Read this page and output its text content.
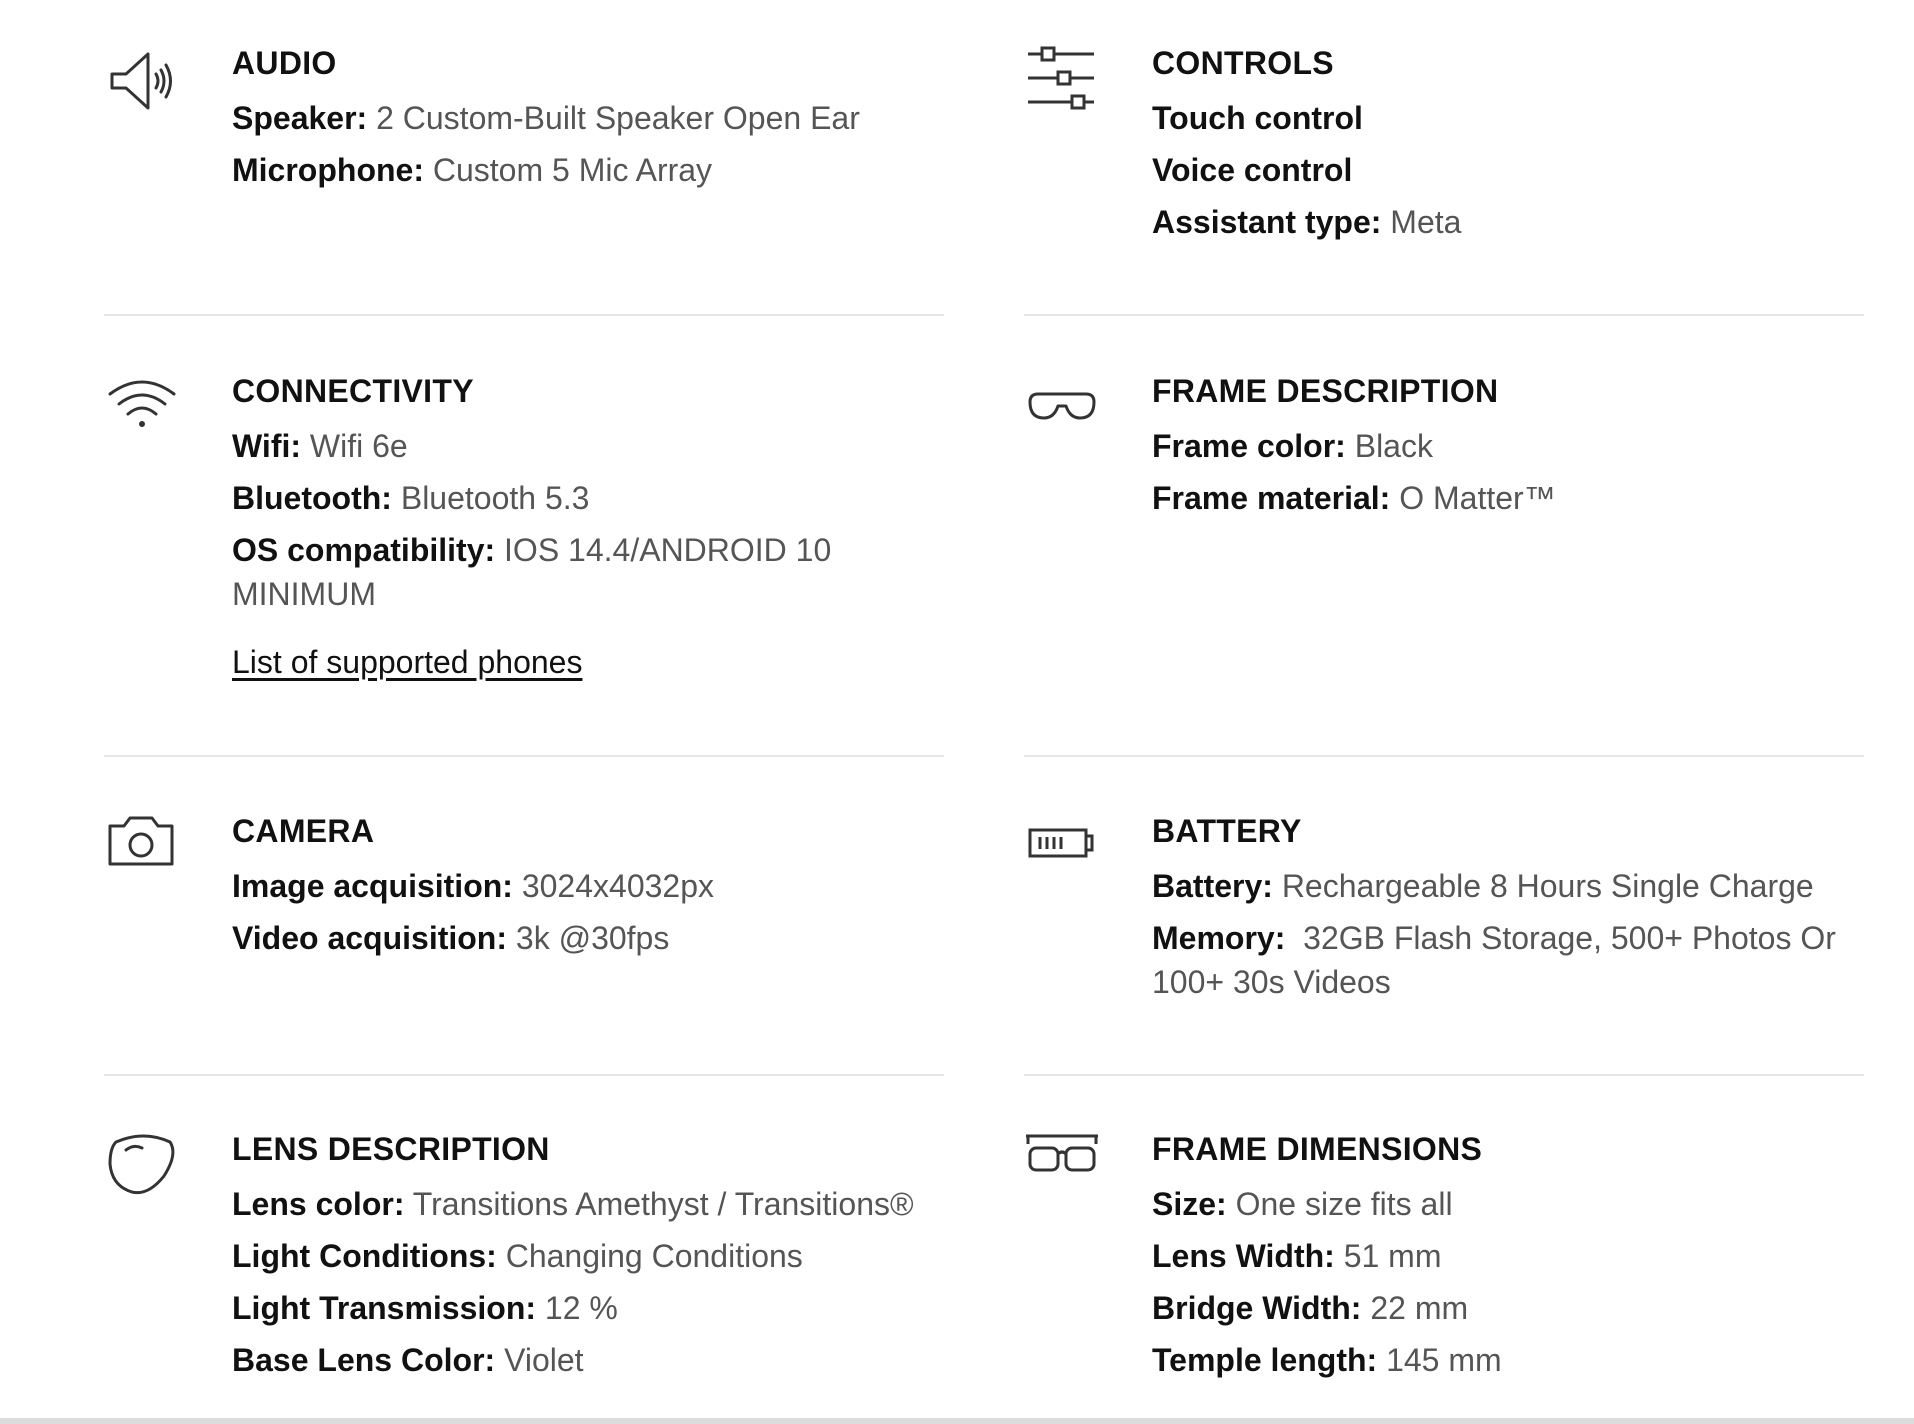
AUDIO
Speaker: 2 Custom-Built Speaker Open Ear
Microphone: Custom 5 Mic Array
CONTROLS
Touch control
Voice control
Assistant type: Meta
CONNECTIVITY
Wifi: Wifi 6e
Bluetooth: Bluetooth 5.3
OS compatibility: IOS 14.4/ANDROID 10 MINIMUM
List of supported phones
FRAME DESCRIPTION
Frame color: Black
Frame material: O Matter™
CAMERA
Image acquisition: 3024x4032px
Video acquisition: 3k @30fps
BATTERY
Battery: Rechargeable 8 Hours Single Charge
Memory: 32GB Flash Storage, 500+ Photos Or 100+ 30s Videos
LENS DESCRIPTION
Lens color: Transitions Amethyst / Transitions®
Light Conditions: Changing Conditions
Light Transmission: 12 %
Base Lens Color: Violet
FRAME DIMENSIONS
Size: One size fits all
Lens Width: 51 mm
Bridge Width: 22 mm
Temple length: 145 mm
